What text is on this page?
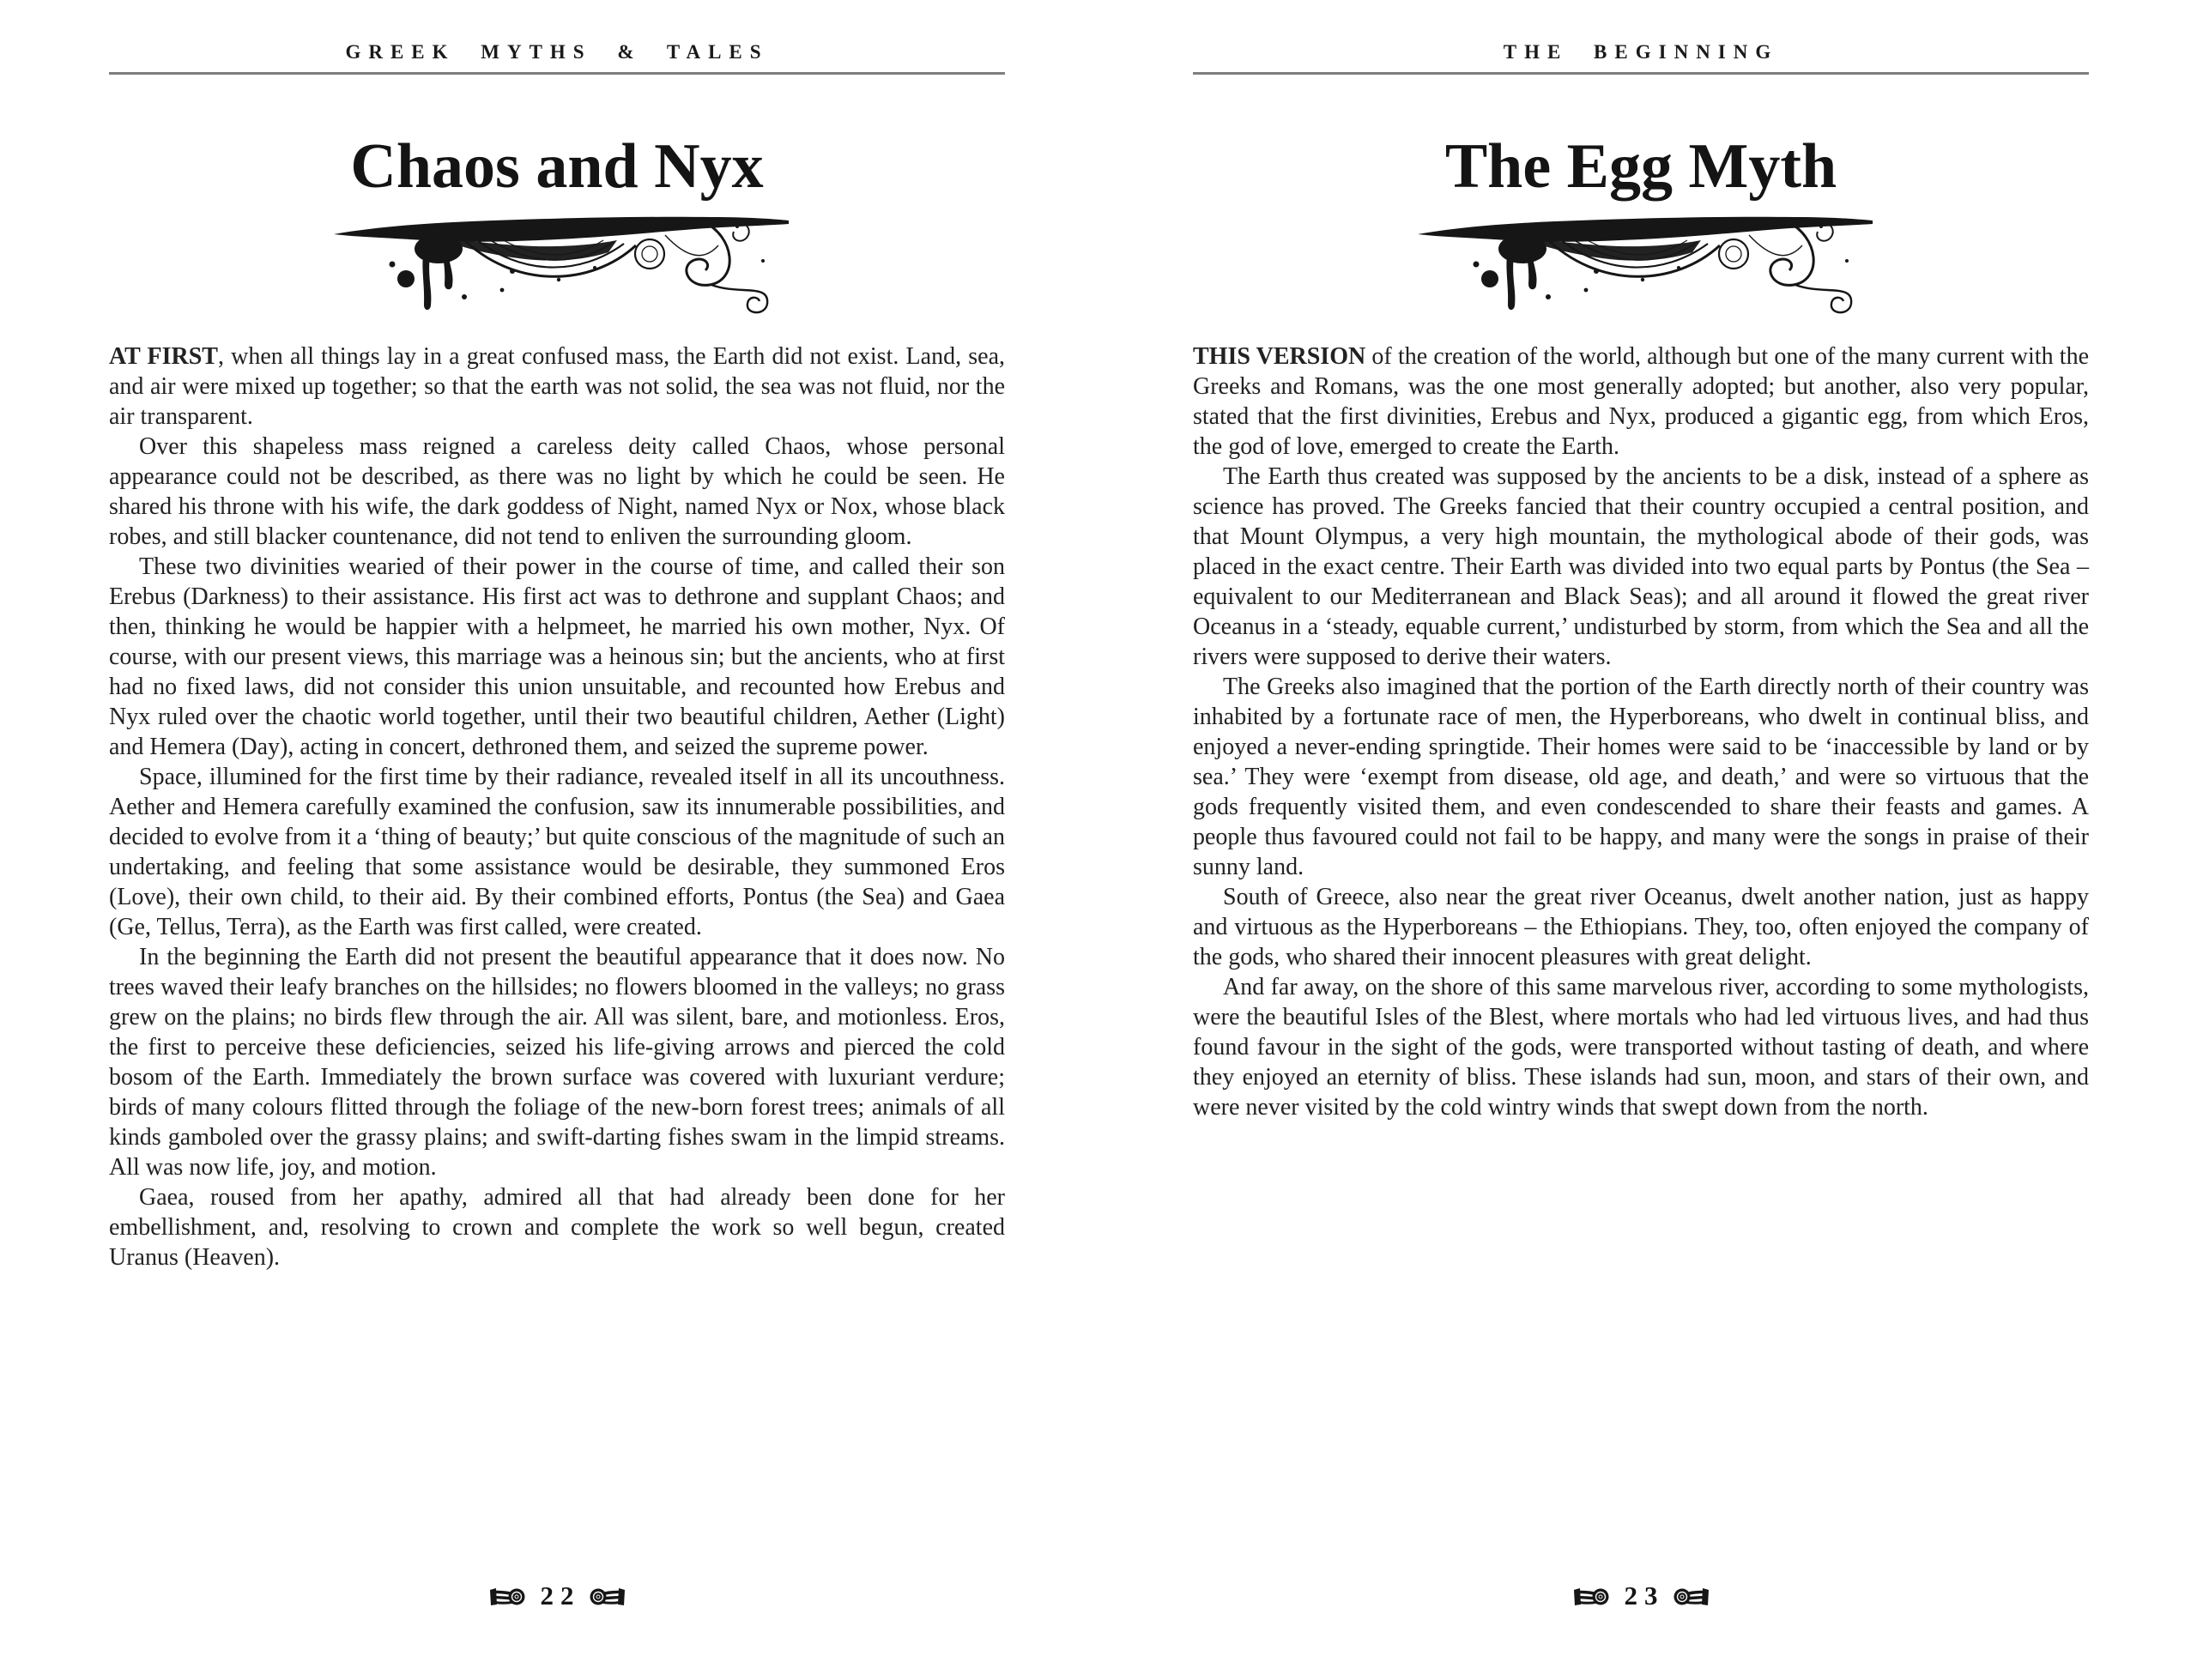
GREEK MYTHS & TALES
Chaos and Nyx

AT FIRST, when all things lay in a great confused mass, the Earth did not exist. Land, sea, and air were mixed up together; so that the earth was not solid, the sea was not fluid, nor the air transparent.

Over this shapeless mass reigned a careless deity called Chaos, whose personal appearance could not be described, as there was no light by which he could be seen. He shared his throne with his wife, the dark goddess of Night, named Nyx or Nox, whose black robes, and still blacker countenance, did not tend to enliven the surrounding gloom.

These two divinities wearied of their power in the course of time, and called their son Erebus (Darkness) to their assistance. His first act was to dethrone and supplant Chaos; and then, thinking he would be happier with a helpmeet, he married his own mother, Nyx. Of course, with our present views, this marriage was a heinous sin; but the ancients, who at first had no fixed laws, did not consider this union unsuitable, and recounted how Erebus and Nyx ruled over the chaotic world together, until their two beautiful children, Aether (Light) and Hemera (Day), acting in concert, dethroned them, and seized the supreme power.

Space, illumined for the first time by their radiance, revealed itself in all its uncouthness. Aether and Hemera carefully examined the confusion, saw its innumerable possibilities, and decided to evolve from it a ‘thing of beauty;’ but quite conscious of the magnitude of such an undertaking, and feeling that some assistance would be desirable, they summoned Eros (Love), their own child, to their aid. By their combined efforts, Pontus (the Sea) and Gaea (Ge, Tellus, Terra), as the Earth was first called, were created.

In the beginning the Earth did not present the beautiful appearance that it does now. No trees waved their leafy branches on the hillsides; no flowers bloomed in the valleys; no grass grew on the plains; no birds flew through the air. All was silent, bare, and motionless. Eros, the first to perceive these deficiencies, seized his life-giving arrows and pierced the cold bosom of the Earth. Immediately the brown surface was covered with luxuriant verdure; birds of many colours flitted through the foliage of the new-born forest trees; animals of all kinds gamboled over the grassy plains; and swift-darting fishes swam in the limpid streams. All was now life, joy, and motion.

Gaea, roused from her apathy, admired all that had already been done for her embellishment, and, resolving to crown and complete the work so well begun, created Uranus (Heaven).

22
THE BEGINNING
The Egg Myth

THIS VERSION of the creation of the world, although but one of the many current with the Greeks and Romans, was the one most generally adopted; but another, also very popular, stated that the first divinities, Erebus and Nyx, produced a gigantic egg, from which Eros, the god of love, emerged to create the Earth.

The Earth thus created was supposed by the ancients to be a disk, instead of a sphere as science has proved. The Greeks fancied that their country occupied a central position, and that Mount Olympus, a very high mountain, the mythological abode of their gods, was placed in the exact centre. Their Earth was divided into two equal parts by Pontus (the Sea – equivalent to our Mediterranean and Black Seas); and all around it flowed the great river Oceanus in a ‘steady, equable current,’ undisturbed by storm, from which the Sea and all the rivers were supposed to derive their waters.

The Greeks also imagined that the portion of the Earth directly north of their country was inhabited by a fortunate race of men, the Hyperboreans, who dwelt in continual bliss, and enjoyed a never-ending springtide. Their homes were said to be ‘inaccessible by land or by sea.’ They were ‘exempt from disease, old age, and death,’ and were so virtuous that the gods frequently visited them, and even condescended to share their feasts and games. A people thus favoured could not fail to be happy, and many were the songs in praise of their sunny land.

South of Greece, also near the great river Oceanus, dwelt another nation, just as happy and virtuous as the Hyperboreans – the Ethiopians. They, too, often enjoyed the company of the gods, who shared their innocent pleasures with great delight.

And far away, on the shore of this same marvelous river, according to some mythologists, were the beautiful Isles of the Blest, where mortals who had led virtuous lives, and had thus found favour in the sight of the gods, were transported without tasting of death, and where they enjoyed an eternity of bliss. These islands had sun, moon, and stars of their own, and were never visited by the cold wintry winds that swept down from the north.

23
